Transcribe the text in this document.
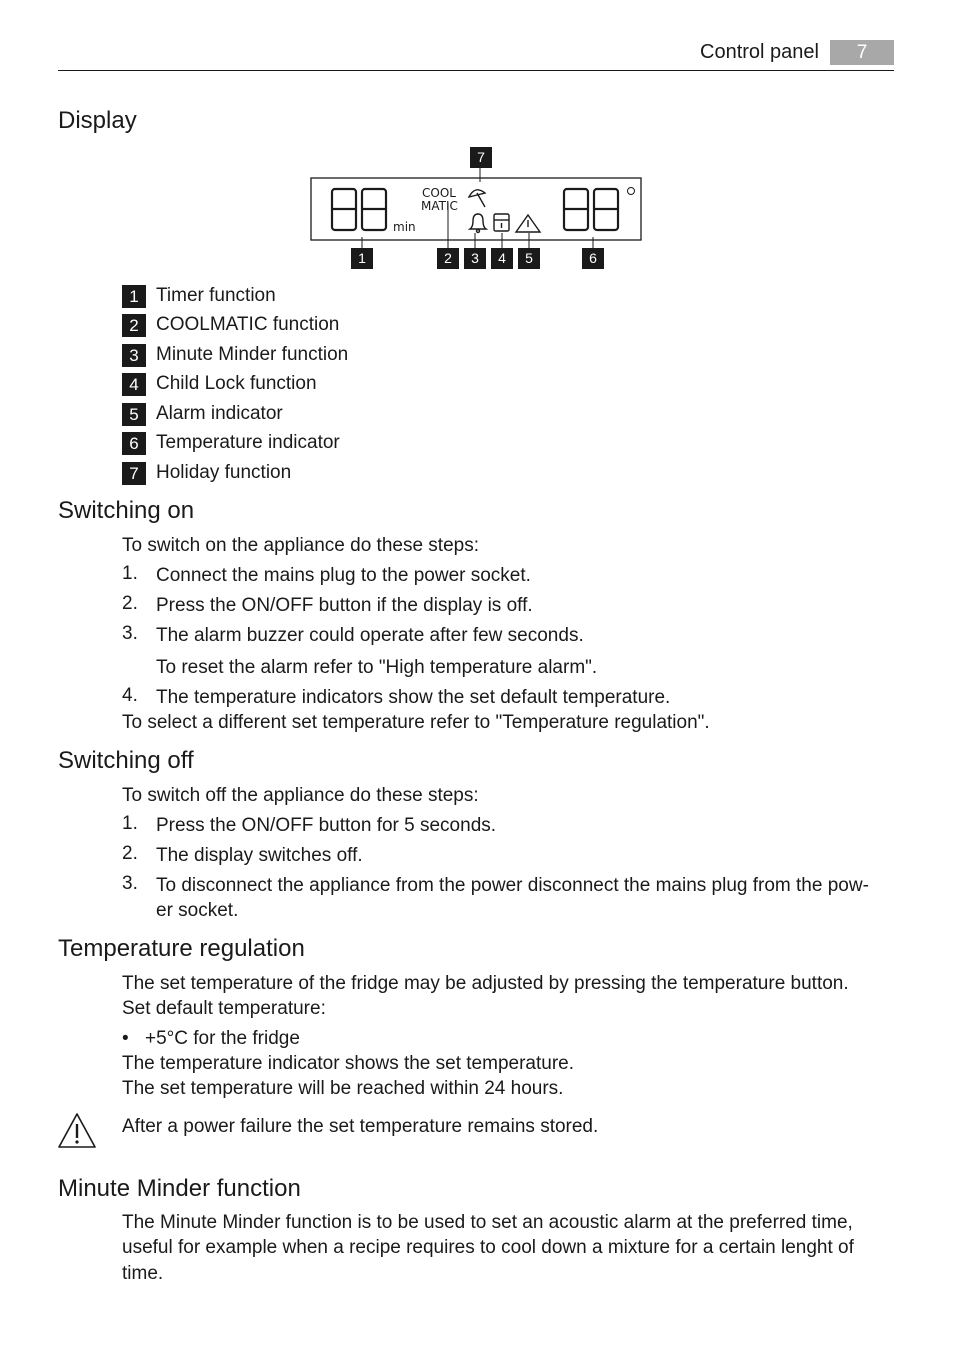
Control panel	7
Display
min
COOL
MATIC
7
1	2	3	4	5	6
1 Timer function
2 COOLMATIC function
3 Minute Minder function
4 Child Lock function
5 Alarm indicator
6 Temperature indicator
7 Holiday function
Switching on
To switch on the appliance do these steps:
1. Connect the mains plug to the power socket.
2. Press the ON/OFF button if the display is off.
3. The alarm buzzer could operate after few seconds.
To reset the alarm refer to "High temperature alarm".
4. The temperature indicators show the set default temperature.
To select a different set temperature refer to "Temperature regulation".
Switching off
To switch off the appliance do these steps:
1. Press the ON/OFF button for 5 seconds.
2. The display switches off.
3. To disconnect the appliance from the power disconnect the mains plug from the pow-
er socket.
Temperature regulation
The set temperature of the fridge may be adjusted by pressing the temperature button.
Set default temperature:
• +5°C for the fridge
The temperature indicator shows the set temperature.
The set temperature will be reached within 24 hours.
After a power failure the set temperature remains stored.
Minute Minder function
The Minute Minder function is to be used to set an acoustic alarm at the preferred time,
useful for example when a recipe requires to cool down a mixture for a certain lenght of
time.
